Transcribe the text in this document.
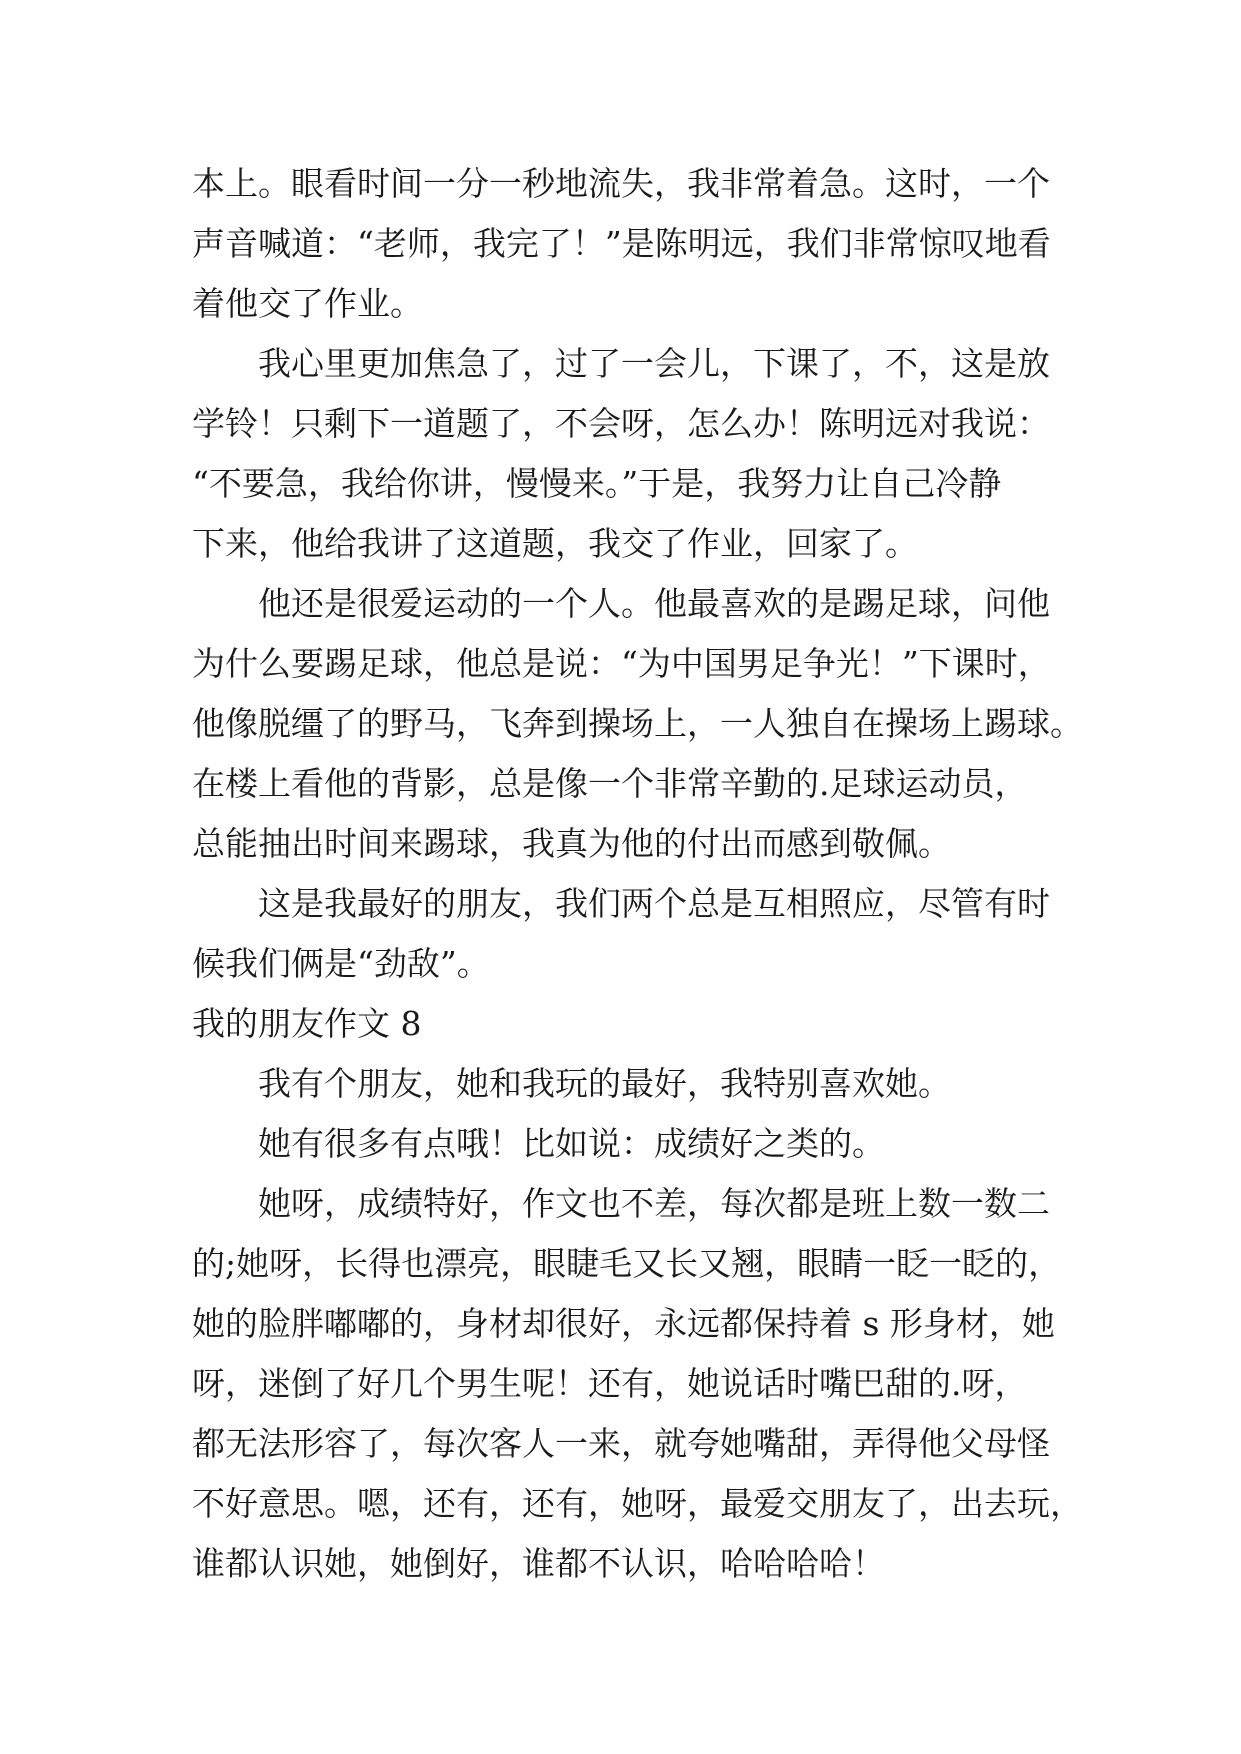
本上。眼看时间一分一秒地流失，我非常着急。这时，一个
声音喊道：“老师，我完了！”是陈明远，我们非常惊叹地看
着他交了作业。
我心里更加焦急了，过了一会儿，下课了，不，这是放
学铃！只剩下一道题了，不会呀，怎么办！陈明远对我说：
“不要急，我给你讲，慢慢来。”于是，我努力让自己冷静
下来，他给我讲了这道题，我交了作业，回家了。
他还是很爱运动的一个人。他最喜欢的是踢足球，问他
为什么要踢足球，他总是说：“为中国男足争光！”下课时，
他像脱缰了的野马，飞奔到操场上，一人独自在操场上踢球。
在楼上看他的背影，总是像一个非常辛勤的.足球运动员，
总能抽出时间来踢球，我真为他的付出而感到敬佩。
这是我最好的朋友，我们两个总是互相照应，尽管有时
候我们俩是“劲敌”。
我的朋友作文 8
我有个朋友，她和我玩的最好，我特别喜欢她。
她有很多有点哦！比如说：成绩好之类的。
她呀，成绩特好，作文也不差，每次都是班上数一数二
的;她呀，长得也漂亮，眼睫毛又长又翘，眼睛一眨一眨的，
她的脸胖嘟嘟的，身材却很好，永远都保持着 s 形身材，她
呀，迷倒了好几个男生呢！还有，她说话时嘴巴甜的.呀，
都无法形容了，每次客人一来，就夸她嘴甜，弄得他父母怪
不好意思。嗯，还有，还有，她呀，最爱交朋友了，出去玩，
谁都认识她，她倒好，谁都不认识，哈哈哈哈！
